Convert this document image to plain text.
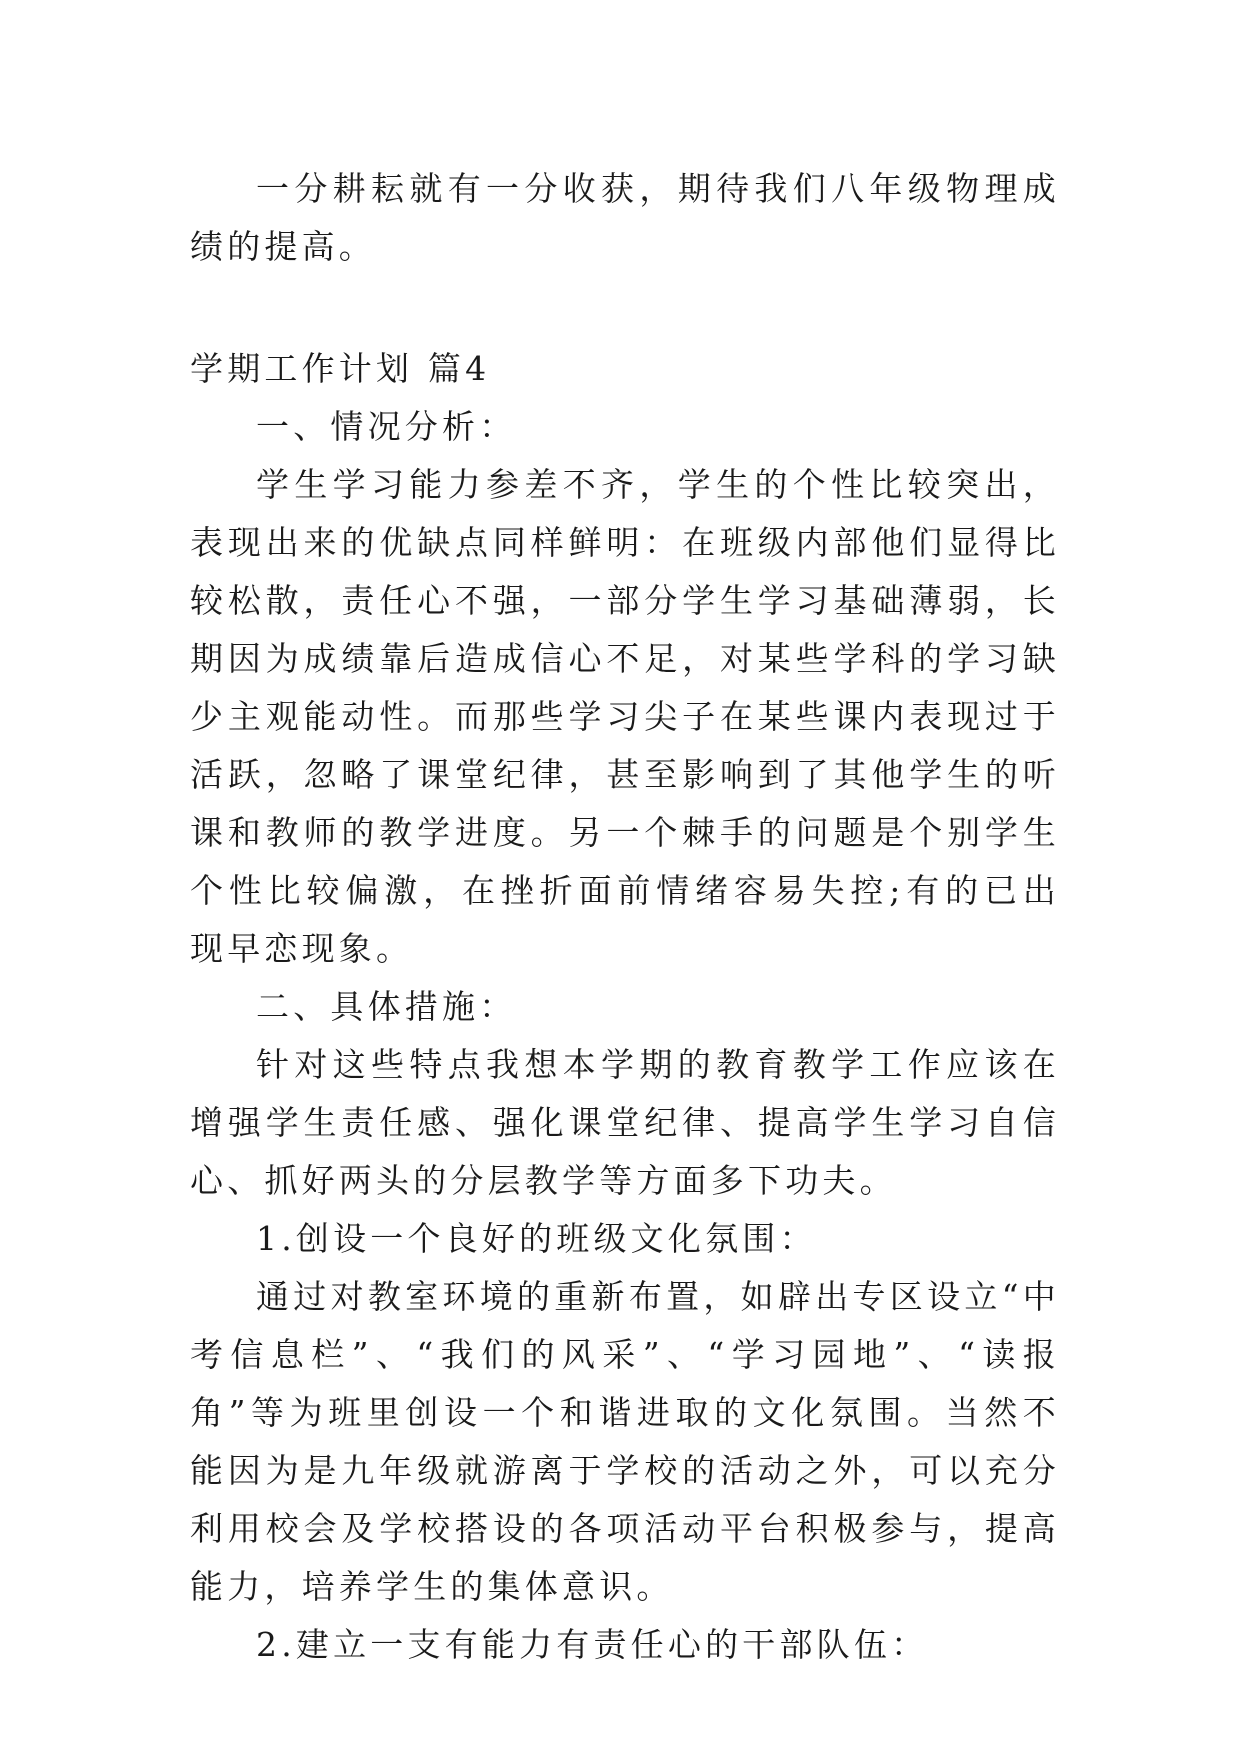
一分耕耘就有一分收获，期待我们八年级物理成绩的提高。

学期工作计划 篇4

一、情况分析：

学生学习能力参差不齐，学生的个性比较突出，表现出来的优缺点同样鲜明：在班级内部他们显得比较松散，责任心不强，一部分学生学习基础薄弱，长期因为成绩靠后造成信心不足，对某些学科的学习缺少主观能动性。而那些学习尖子在某些课内表现过于活跃，忽略了课堂纪律，甚至影响到了其他学生的听课和教师的教学进度。另一个棘手的问题是个别学生个性比较偏激，在挫折面前情绪容易失控;有的已出现早恋现象。

二、具体措施：

针对这些特点我想本学期的教育教学工作应该在增强学生责任感、强化课堂纪律、提高学生学习自信心、抓好两头的分层教学等方面多下功夫。

1.创设一个良好的班级文化氛围：

通过对教室环境的重新布置，如辟出专区设立“中考信息栏”、“我们的风采”、“学习园地”、“读报角”等为班里创设一个和谐进取的文化氛围。当然不能因为是九年级就游离于学校的活动之外，可以充分利用校会及学校搭设的各项活动平台积极参与，提高能力，培养学生的集体意识。

2.建立一支有能力有责任心的干部队伍：
